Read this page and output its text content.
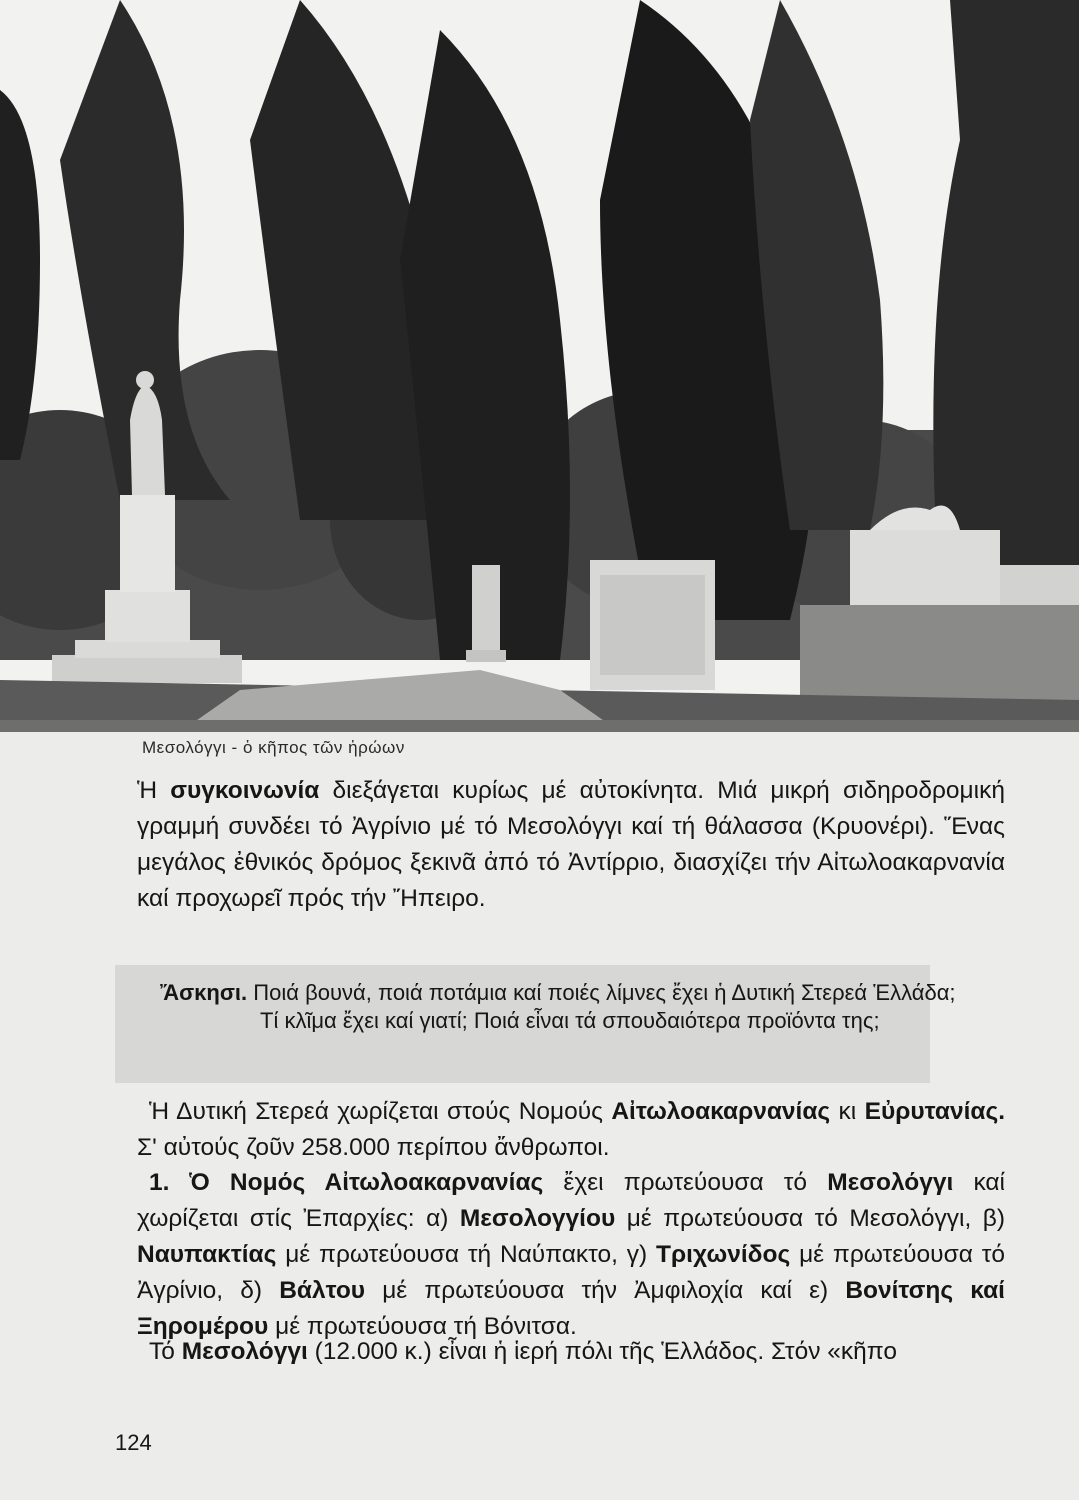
Μεσολόγγι - ὁ κῆπος τῶν ἡρώων
Ἡ συγκοινωνία διεξάγεται κυρίως μέ αὐτοκίνητα. Μιά μικρή σιδηροδρομική γραμμή συνδέει τό Ἀγρίνιο μέ τό Μεσολόγγι καί τή θάλασσα (Κρυονέρι). Ἕνας μεγάλος ἐθνικός δρόμος ξεκινᾶ ἀπό τό Ἀντίρριο, διασχίζει τήν Αἰτωλοακαρνανία καί προχωρεῖ πρός τήν Ἤπειρο.
Ἄσκησι. Ποιά βουνά, ποιά ποτάμια καί ποιές λίμνες ἔχει ἡ Δυτική Στερεά Ἑλλάδα; Τί κλῖμα ἔχει καί γιατί; Ποιά εἶναι τά σπουδαιότερα προϊόντα της;
Ἡ Δυτική Στερεά χωρίζεται στούς Νομούς Αἰτωλοακαρνανίας κι Εὐρυτανίας. Σ' αὐτούς ζοῦν 258.000 περίπου ἄνθρωποι.
1. Ὁ Νομός Αἰτωλοακαρνανίας ἔχει πρωτεύουσα τό Μεσολόγγι καί χωρίζεται στίς Ἐπαρχίες: α) Μεσολογγίου μέ πρωτεύουσα τό Μεσολόγγι, β) Ναυπακτίας μέ πρωτεύουσα τή Ναύπακτο, γ) Τριχωνίδος μέ πρωτεύουσα τό Ἀγρίνιο, δ) Βάλτου μέ πρωτεύουσα τήν Ἀμφιλοχία καί ε) Βονίτσης καί Ξηρομέρου μέ πρωτεύουσα τή Βόνιτσα.
Τό Μεσολόγγι (12.000 κ.) εἶναι ἡ ἱερή πόλι τῆς Ἑλλάδος. Στόν «κῆπο
124
